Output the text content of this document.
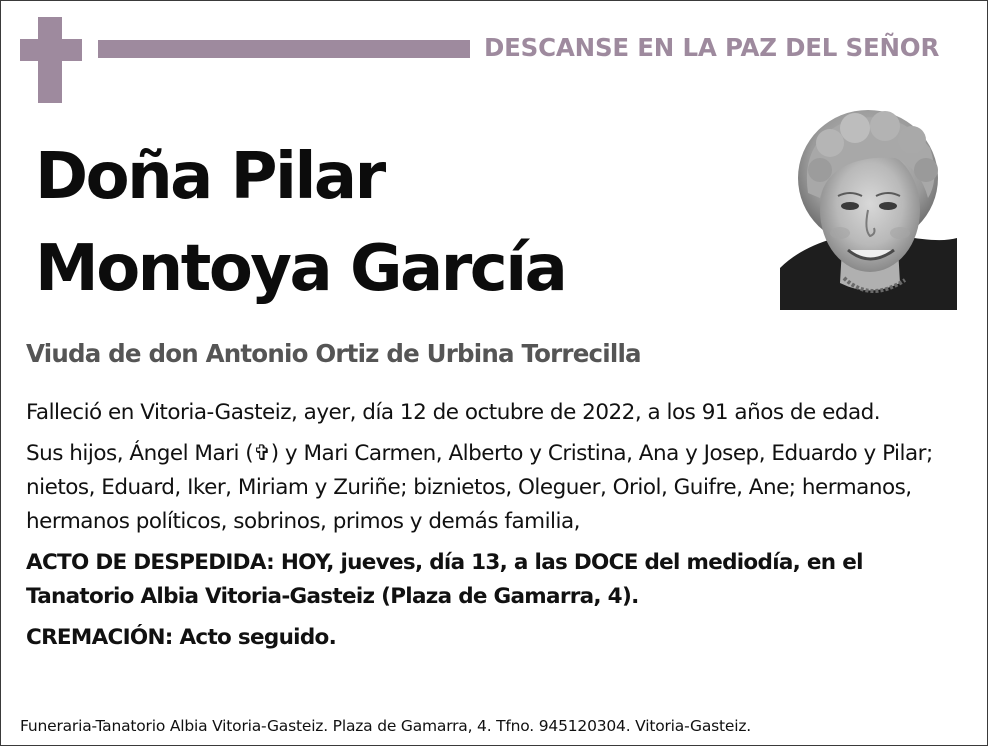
DESCANSE EN LA PAZ DEL SEÑOR
Doña Pilar
Montoya García
Viuda de don Antonio Ortiz de Urbina Torrecilla

Falleció en Vitoria-Gasteiz, ayer, día 12 de octubre de 2022, a los 91 años de edad.

Sus hijos, Ángel Mari (✞) y Mari Carmen, Alberto y Cristina, Ana y Josep, Eduardo y Pilar; nietos, Eduard, Iker, Miriam y Zuriñe; biznietos, Oleguer, Oriol, Guifre, Ane; hermanos, hermanos políticos, sobrinos, primos y demás familia,

ACTO DE DESPEDIDA: HOY, jueves, día 13, a las DOCE del mediodía, en el Tanatorio Albia Vitoria-Gasteiz (Plaza de Gamarra, 4).

CREMACIÓN: Acto seguido.

Funeraria-Tanatorio Albia Vitoria-Gasteiz. Plaza de Gamarra, 4. Tfno. 945120304. Vitoria-Gasteiz.
